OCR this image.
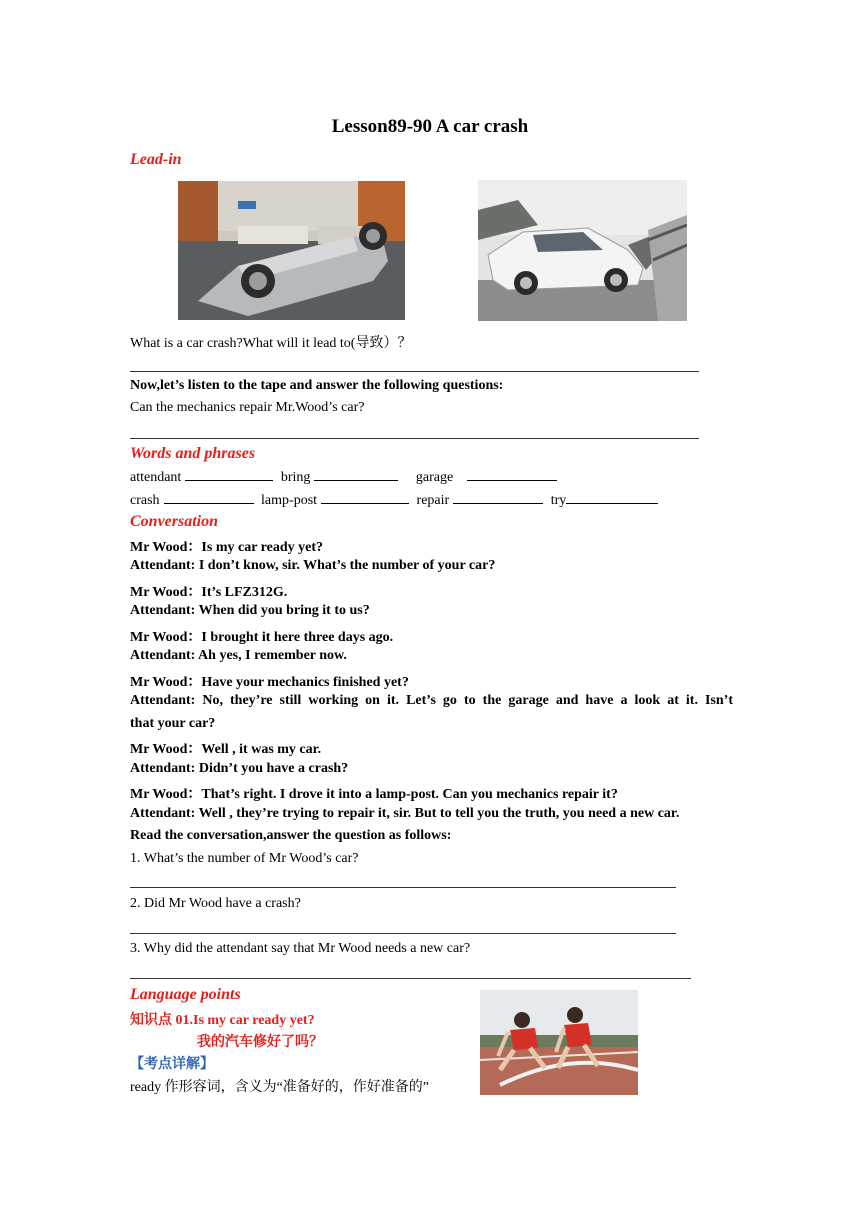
Lesson89-90 A car crash
Lead-in
What is a car crash?What will it lead to(导致）？
Now,let’s listen to the tape and answer the following questions:
Can the mechanics repair Mr.Wood’s car?
Words and phrases
attendant	bring	garage
crash	lamp-post	repair	try
Conversation
Mr Wood：Is my car ready yet?
Attendant: I don’t know, sir. What’s the number of your car?
Mr Wood：It’s LFZ312G.
Attendant: When did you bring it to us?
Mr Wood：I brought it here three days ago.
Attendant: Ah yes, I remember now.
Mr Wood：Have your mechanics finished yet?
Attendant: No, they’re still working on it. Let’s go to the garage and have a look at it. Isn’t
that your car?
Mr Wood：Well , it was my car.
Attendant: Didn’t you have a crash?
Mr Wood：That’s right. I drove it into a lamp-post. Can you mechanics repair it?
Attendant: Well , they’re trying to repair it, sir. But to tell you the truth, you need a new car.
Read the conversation,answer the question as follows:
1. What’s the number of Mr Wood’s car?
2. Did Mr Wood have a crash?
3. Why did the attendant say that Mr Wood needs a new car?
Language points
知识点 01.Is my car ready yet?
我的汽车修好了吗？
【考点详解】
ready 作形容词，含义为“准备好的，作好准备的”
